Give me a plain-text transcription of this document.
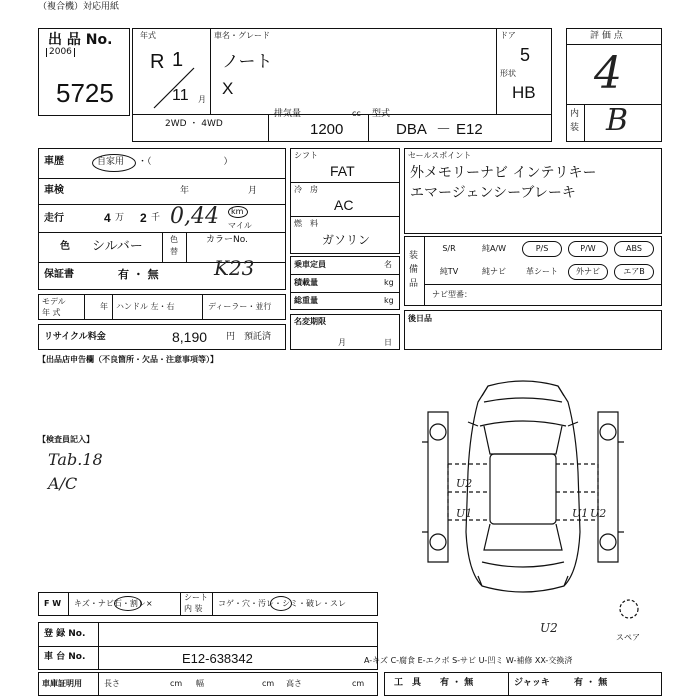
（複合機）対応用紙
出 品 No.
2006
5725
年式
R 1
11 月
車名・グレード
ノート
X
ドア
5
形状
HB
2WD ・ 4WD
排気量	cc
1200
型式
DBA － E12
評 価 点
4
内
装 B
車歴	自家用 ・（　　　　　　　　）
車検	年	月
走行	4 万 2 千 0,44 km
マイル
色 シルバー	色
替
カラーNo.
K23
保証書	有 ・ 無
モデル
年 式
年 ハンドル 左・右	ディーラー・並行
リサイクル料金	8,190 円 預託済
シフト
FAT
冷　房
AC
燃　料
ガソリン
乗車定員	名
積載量	kg
総重量	kg
名変期限
月	日
セールスポイント
外メモリーナビ インテリキー
エマージェンシーブレーキ
装
備
品
装備品
S/R	純A/W	P/S	P/W	ABS
純TV	純ナビ	革シート	外ナビ	エアB
ナビ型番：
後日品
【出品店申告欄（不良箇所・欠品・注意事項等）】
【検査員記入】
Tab.18
A/C	U2
U1	U1 U2
スペア
U2
F W キズ・ナビ石・割レ×
シート
内 装
コゲ・穴・汚レ・シミ・破レ・スレ
登 録 No.
車 台 No.	E12-638342
車庫証明用	長さ	cm 幅	cm 高さ	cm
A-キズ C-腐食 E-エクボ S-サビ U-凹ミ W-補修 XX-交換済
工　具 有 ・ 無	ジャッキ	有 ・ 無
